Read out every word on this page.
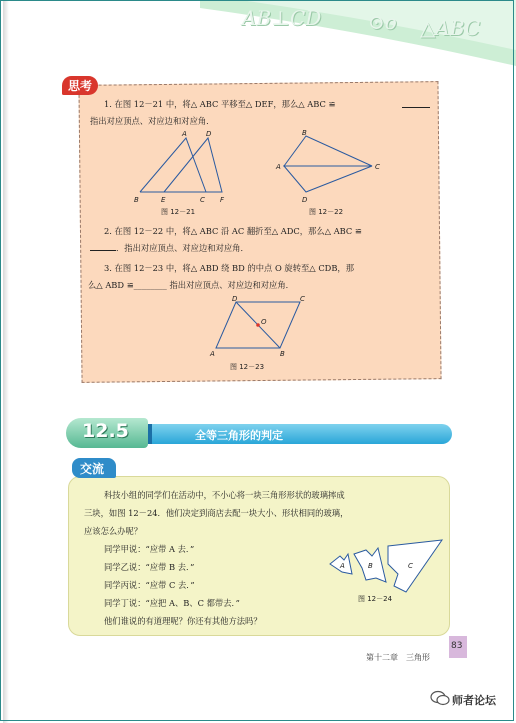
AB⊥CD ⊙o △ABC
思考
1. 在图 12－21 中，将△ ABC 平移至△ DEF，那么△ ABC ≌
指出对应顶点、对应边和对应角．
A	D
B	E	C F
图 12－21
B
A	C
D
图 12－22
2. 在图 12－22 中，将△ ABC 沿 AC 翻折至△ ADC，那么△ ABC ≌
．指出对应顶点、对应边和对应角．
3. 在图 12－23 中，将△ ABD 绕 BD 的中点 O 旋转至△ CDB，那
么△ ABD ≌________ 指出对应顶点、对应边和对应角．
D	C
O
A	B
图 12－23
12.5	全等三角形的判定
交流
科技小组的同学们在活动中，不小心将一块三角形形状的玻璃摔成
三块，如图 12－24．他们决定到商店去配一块大小、形状相同的玻璃，
应该怎么办呢？
同学甲说：“应带 A 去．”
同学乙说：“应带 B 去．”
同学丙说：“应带 C 去．”
同学丁说：“应把 A、B、C 都带去．”
他们谁说的有道理呢？你还有其他方法吗？
A	B	C
图 12－24
第十二章　三角形
83
师者论坛
